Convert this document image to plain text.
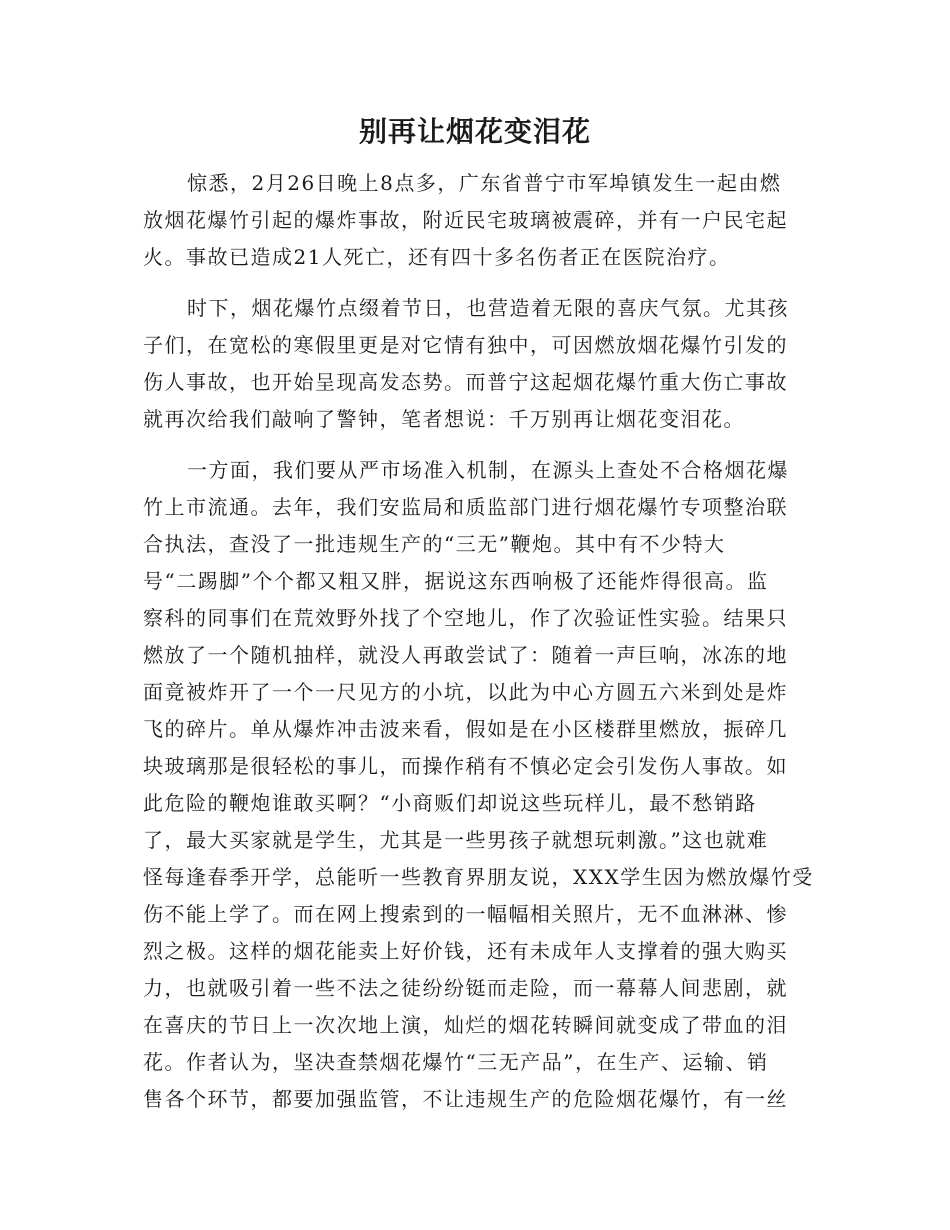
别再让烟花变泪花
惊悉，2月26日晚上8点多，广东省普宁市军埠镇发生一起由燃
放烟花爆竹引起的爆炸事故，附近民宅玻璃被震碎，并有一户民宅起
火。事故已造成21人死亡，还有四十多名伤者正在医院治疗。
时下，烟花爆竹点缀着节日，也营造着无限的喜庆气氛。尤其孩
子们，在宽松的寒假里更是对它情有独中，可因燃放烟花爆竹引发的
伤人事故，也开始呈现高发态势。而普宁这起烟花爆竹重大伤亡事故
就再次给我们敲响了警钟，笔者想说：千万别再让烟花变泪花。
一方面，我们要从严市场准入机制，在源头上查处不合格烟花爆
竹上市流通。去年，我们安监局和质监部门进行烟花爆竹专项整治联
合执法，查没了一批违规生产的“三无”鞭炮。其中有不少特大
号“二踢脚”个个都又粗又胖，据说这东西响极了还能炸得很高。监
察科的同事们在荒效野外找了个空地儿，作了次验证性实验。结果只
燃放了一个随机抽样，就没人再敢尝试了：随着一声巨响，冰冻的地
面竟被炸开了一个一尺见方的小坑，以此为中心方圆五六米到处是炸
飞的碎片。单从爆炸冲击波来看，假如是在小区楼群里燃放，振碎几
块玻璃那是很轻松的事儿，而操作稍有不慎必定会引发伤人事故。如
此危险的鞭炮谁敢买啊？“小商贩们却说这些玩样儿，最不愁销路
了，最大买家就是学生，尤其是一些男孩子就想玩刺激。”这也就难
怪每逢春季开学，总能听一些教育界朋友说，XXX学生因为燃放爆竹受
伤不能上学了。而在网上搜索到的一幅幅相关照片，无不血淋淋、惨
烈之极。这样的烟花能卖上好价钱，还有未成年人支撑着的强大购买
力，也就吸引着一些不法之徒纷纷铤而走险，而一幕幕人间悲剧，就
在喜庆的节日上一次次地上演，灿烂的烟花转瞬间就变成了带血的泪
花。作者认为，坚决查禁烟花爆竹“三无产品”，在生产、运输、销
售各个环节，都要加强监管，不让违规生产的危险烟花爆竹，有一丝
